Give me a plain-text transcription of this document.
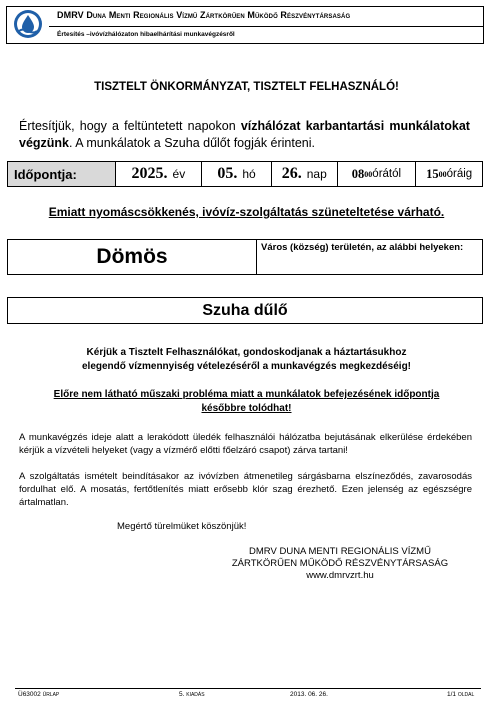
DMRV Duna Menti Regionális Vízmű Zártkörűen Működő Részvénytársaság
Értesítés –ivóvízhálózaton hibaelhárítási munkavégzésről
TISZTELT ÖNKORMÁNYZAT, TISZTELT FELHASZNÁLÓ!
Értesítjük, hogy a feltüntetett napokon vízhálózat karbantartási munkálatokat végzünk. A munkálatok a Szuha dűlőt fogják érinteni.
Időpontja:	2025. év 05. hó 26. nap 08 00 órától 15 00 óráig
Emiatt nyomáscsökkenés, ivóvíz-szolgáltatás szüneteltetése várható.
Dömös	Város (község) területén, az alábbi helyeken:
Szuha dűlő
Kérjük a Tisztelt Felhasználókat, gondoskodjanak a háztartásukhoz
elegendő vízmennyiség vételezéséről a munkavégzés megkezdéséig!
Előre nem látható műszaki probléma miatt a munkálatok befejezésének időpontja
későbbre tolódhat!
A munkavégzés ideje alatt a lerakódott üledék felhasználói hálózatba bejutásának elkerülése érdekében kérjük a vízvételi helyeket (vagy a vízmérő előtti főelzáró csapot) zárva tartani!
A szolgáltatás ismételt beindításakor az ivóvízben átmenetileg sárgásbarna elszíneződés, zavarosodás fordulhat elő. A mosatás, fertőtlenítés miatt erősebb klór szag érezhető. Ezen jelenség az egészségre ártalmatlan.
Megértő türelmüket köszönjük!
DMRV DUNA MENTI REGIONÁLIS VÍZMŰ
ZÁRTKÖRŰEN MŰKÖDŐ RÉSZVÉNYTÁRSASÁG
www.dmrvzrt.hu
Ü63002 ŰRLAP	5. KIADÁS	2013. 06. 26.	1/1 OLDAL
